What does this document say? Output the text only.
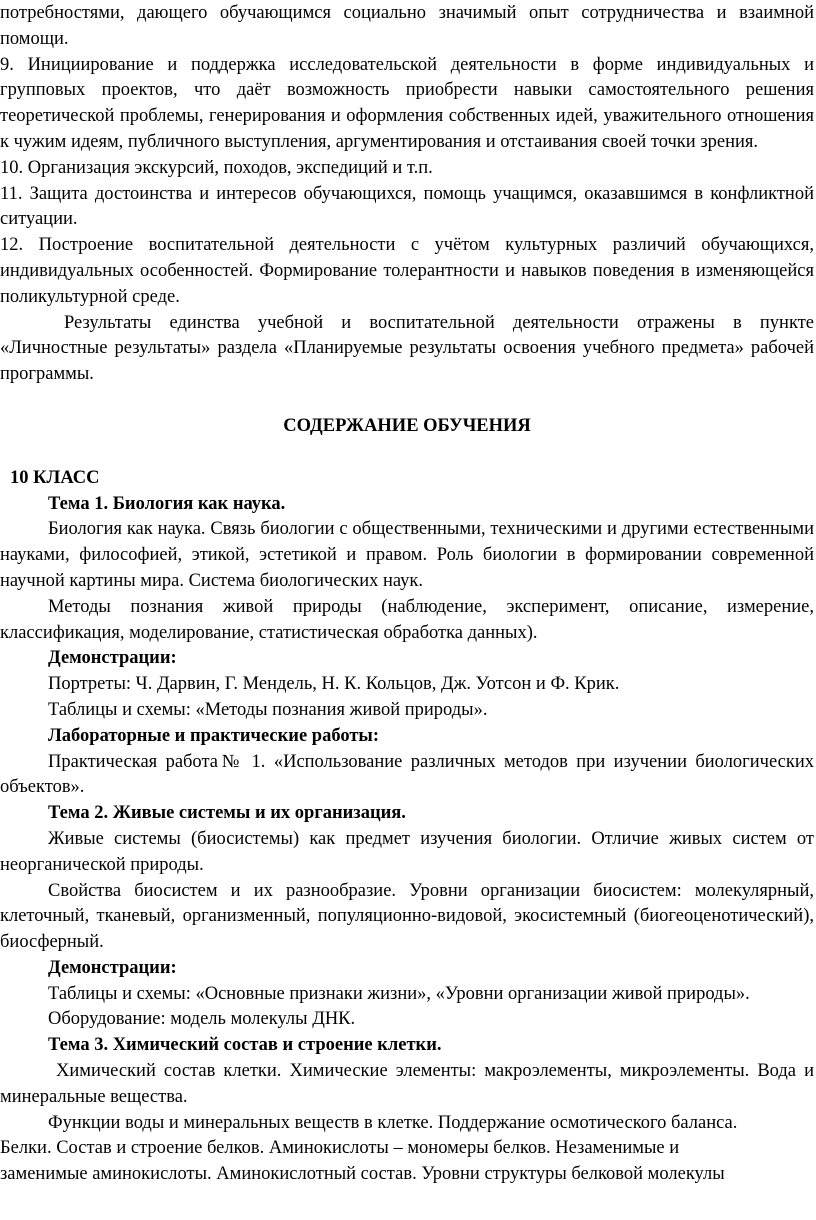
потребностями, дающего обучающимся социально значимый опыт сотрудничества и взаимной помощи.

9. Инициирование и поддержка исследовательской деятельности в форме индивидуальных и групповых проектов, что даёт возможность приобрести навыки самостоятельного решения теоретической проблемы, генерирования и оформления собственных идей, уважительного отношения к чужим идеям, публичного выступления, аргументирования и отстаивания своей точки зрения.

10. Организация экскурсий, походов, экспедиций и т.п.

11. Защита достоинства и интересов обучающихся, помощь учащимся, оказавшимся в конфликтной ситуации.

12. Построение воспитательной деятельности с учётом культурных различий обучающихся, индивидуальных особенностей. Формирование толерантности и навыков поведения в изменяющейся поликультурной среде.

Результаты единства учебной и воспитательной деятельности отражены в пункте «Личностные результаты» раздела «Планируемые результаты освоения учебного предмета» рабочей программы.

СОДЕРЖАНИЕ ОБУЧЕНИЯ

10 КЛАСС

Тема 1. Биология как наука.

Биология как наука. Связь биологии с общественными, техническими и другими естественными науками, философией, этикой, эстетикой и правом. Роль биологии в формировании современной научной картины мира. Система биологических наук.

Методы познания живой природы (наблюдение, эксперимент, описание, измерение, классификация, моделирование, статистическая обработка данных).

Демонстрации:

Портреты: Ч. Дарвин, Г. Мендель, Н. К. Кольцов, Дж. Уотсон и Ф. Крик.

Таблицы и схемы: «Методы познания живой природы».

Лабораторные и практические работы:

Практическая работа№ 1. «Использование различных методов при изучении биологических объектов».

Тема 2. Живые системы и их организация.

Живые системы (биосистемы) как предмет изучения биологии. Отличие живых систем от неорганической природы.

Свойства биосистем и их разнообразие. Уровни организации биосистем: молекулярный, клеточный, тканевый, организменный, популяционно-видовой, экосистемный (биогеоценотический), биосферный.

Демонстрации:

Таблицы и схемы: «Основные признаки жизни», «Уровни организации живой природы».

Оборудование: модель молекулы ДНК.

Тема 3. Химический состав и строение клетки.

Химический состав клетки. Химические элементы: макроэлементы, микроэлементы. Вода и минеральные вещества.

Функции воды и минеральных веществ в клетке. Поддержание осмотического баланса.

Белки. Состав и строение белков. Аминокислоты – мономеры белков. Незаменимые и

заменимые аминокислоты. Аминокислотный состав. Уровни структуры белковой молекулы
